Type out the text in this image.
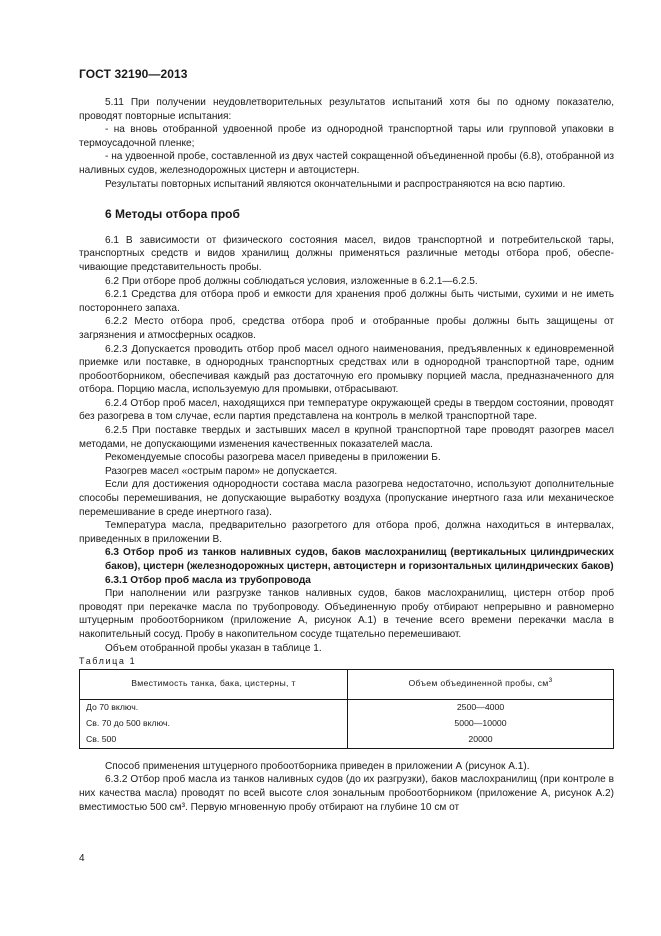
ГОСТ 32190—2013

5.11 При получении неудовлетворительных результатов испытаний хотя бы по одному показателю, проводят повторные испытания:

- на вновь отобранной удвоенной пробе из однородной транспортной тары или групповой упаковки в термоусадочной пленке;

- на удвоенной пробе, составленной из двух частей сокращенной объединенной пробы (6.8), отобранной из наливных судов, железнодорожных цистерн и автоцистерн.

Результаты повторных испытаний являются окончательными и распространяются на всю партию.

6 Методы отбора проб

6.1 В зависимости от физического состояния масел, видов транспортной и потребительской тары, транспортных средств и видов хранилищ должны применяться различные методы отбора проб, обеспечивающие представительность пробы.

6.2 При отборе проб должны соблюдаться условия, изложенные в 6.2.1—6.2.5.

6.2.1 Средства для отбора проб и емкости для хранения проб должны быть чистыми, сухими и не иметь постороннего запаха.

6.2.2 Место отбора проб, средства отбора проб и отобранные пробы должны быть защищены от загрязнения и атмосферных осадков.

6.2.3 Допускается проводить отбор проб масел одного наименования, предъявленных к единовременной приемке или поставке, в однородных транспортных средствах или в однородной транспортной таре, одним пробоотборником, обеспечивая каждый раз достаточную его промывку порцией масла, предназначенного для отбора. Порцию масла, используемую для промывки, отбрасывают.

6.2.4 Отбор проб масел, находящихся при температуре окружающей среды в твердом состоянии, проводят без разогрева в том случае, если партия представлена на контроль в мелкой транспортной таре.

6.2.5 При поставке твердых и застывших масел в крупной транспортной таре проводят разогрев масел методами, не допускающими изменения качественных показателей масла.

Рекомендуемые способы разогрева масел приведены в приложении Б.

Разогрев масел «острым паром» не допускается.

Если для достижения однородности состава масла разогрева недостаточно, используют дополнительные способы перемешивания, не допускающие выработку воздуха (пропускание инертного газа или механическое перемешивание в среде инертного газа).

Температура масла, предварительно разогретого для отбора проб, должна находиться в интервалах, приведенных в приложении В.

6.3 Отбор проб из танков наливных судов, баков маслохранилищ (вертикальных цилиндрических баков), цистерн (железнодорожных цистерн, автоцистерн и горизонтальных цилиндрических баков)

6.3.1 Отбор проб масла из трубопровода

При наполнении или разгрузке танков наливных судов, баков маслохранилищ, цистерн отбор проб проводят при перекачке масла по трубопроводу. Объединенную пробу отбирают непрерывно и равномерно штуцерным пробоотборником (приложение А, рисунок А.1) в течение всего времени перекачки масла в накопительный сосуд. Пробу в накопительном сосуде тщательно перемешивают.

Объем отобранной пробы указан в таблице 1.

Таблица 1

Вместимость танка, бака, цистерны, т	Объем объединенной пробы, $см^3$
До 70 включ.	2500—4000
Св. 70 до 500 включ.	5000—10000
Св. 500	20000

Способ применения штуцерного пробоотборника приведен в приложении А (рисунок А.1).

6.3.2 Отбор проб масла из танков наливных судов (до их разгрузки), баков маслохранилищ (при контроле в них качества масла) проводят по всей высоте слоя зональным пробоотборником (приложение А, рисунок А.2) вместимостью 500 см³. Первую мгновенную пробу отбирают на глубине 10 см от

4
